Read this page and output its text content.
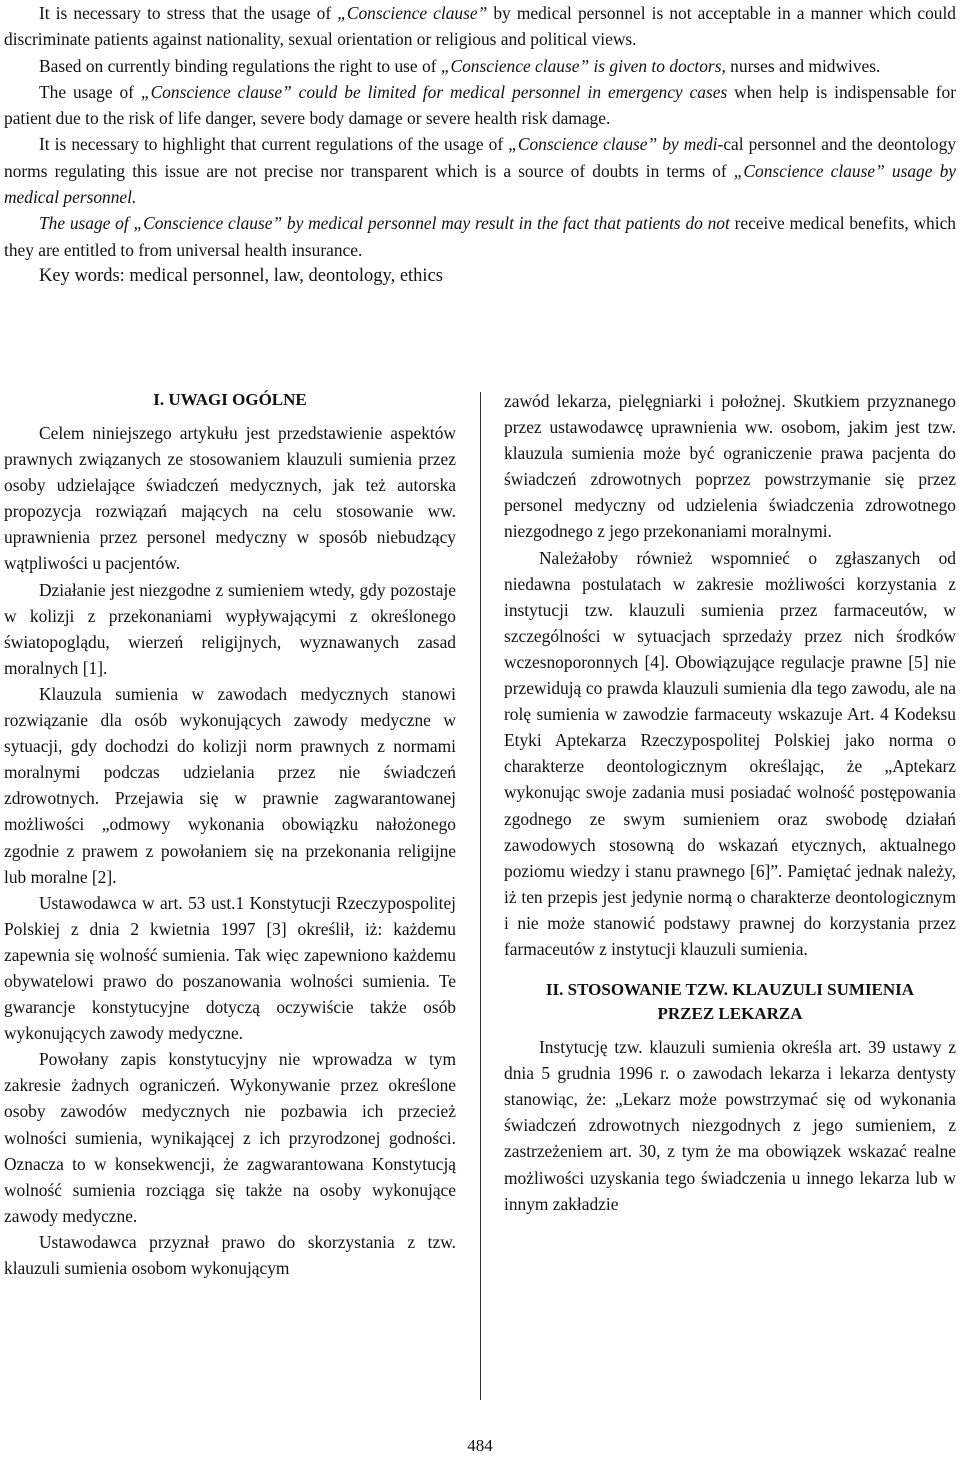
It is necessary to stress that the usage of „Conscience clause” by medical personnel is not acceptable in a manner which could discriminate patients against nationality, sexual orientation or religious and political views.

Based on currently binding regulations the right to use of „Conscience clause” is given to doctors, nurses and midwives.

The usage of „Conscience clause” could be limited for medical personnel in emergency cases when help is indispensable for patient due to the risk of life danger, severe body damage or severe health risk damage.

It is necessary to highlight that current regulations of the usage of „Conscience clause” by medi-cal personnel and the deontology norms regulating this issue are not precise nor transparent which is a source of doubts in terms of „Conscience clause” usage by medical personnel.

The usage of „Conscience clause” by medical personnel may result in the fact that patients do not receive medical benefits, which they are entitled to from universal health insurance.

Key words: medical personnel, law, deontology, ethics

I. UWAGI OGÓLNE

Celem niniejszego artykułu jest przedstawienie aspektów prawnych związanych ze stosowaniem klauzuli sumienia przez osoby udzielające świadczeń medycznych, jak też autorska propozycja rozwiązań mających na celu stosowanie ww. uprawnienia przez personel medyczny w sposób niebudzący wątpliwości u pacjentów.

Działanie jest niezgodne z sumieniem wtedy, gdy pozostaje w kolizji z przekonaniami wypływającymi z określonego światopoglądu, wierzeń religijnych, wyznawanych zasad moralnych [1].

Klauzula sumienia w zawodach medycznych stanowi rozwiązanie dla osób wykonujących zawody medyczne w sytuacji, gdy dochodzi do kolizji norm prawnych z normami moralnymi podczas udzielania przez nie świadczeń zdrowotnych. Przejawia się w prawnie zagwarantowanej możliwości „odmowy wykonania obowiązku nałożonego zgodnie z prawem z powołaniem się na przekonania religijne lub moralne [2].

Ustawodawca w art. 53 ust.1 Konstytucji Rzeczypospolitej Polskiej z dnia 2 kwietnia 1997 [3] określił, iż: każdemu zapewnia się wolność sumienia. Tak więc zapewniono każdemu obywatelowi prawo do poszanowania wolności sumienia. Te gwarancje konstytucyjne dotyczą oczywiście także osób wykonujących zawody medyczne.

Powołany zapis konstytucyjny nie wprowadza w tym zakresie żadnych ograniczeń. Wykonywanie przez określone osoby zawodów medycznych nie pozbawia ich przecież wolności sumienia, wynikającej z ich przyrodzonej godności. Oznacza to w konsekwencji, że zagwarantowana Konstytucją wolność sumienia rozciąga się także na osoby wykonujące zawody medyczne.

Ustawodawca przyznał prawo do skorzystania z tzw. klauzuli sumienia osobom wykonującym

zawód lekarza, pielęgniarki i położnej. Skutkiem przyznanego przez ustawodawcę uprawnienia ww. osobom, jakim jest tzw. klauzula sumienia może być ograniczenie prawa pacjenta do świadczeń zdrowotnych poprzez powstrzymanie się przez personel medyczny od udzielenia świadczenia zdrowotnego niezgodnego z jego przekonaniami moralnymi.

Należałoby również wspomnieć o zgłaszanych od niedawna postulatach w zakresie możliwości korzystania z instytucji tzw. klauzuli sumienia przez farmaceutów, w szczególności w sytuacjach sprzedaży przez nich środków wczesnoporonnych [4]. Obowiązujące regulacje prawne [5] nie przewidują co prawda klauzuli sumienia dla tego zawodu, ale na rolę sumienia w zawodzie farmaceuty wskazuje Art. 4 Kodeksu Etyki Aptekarza Rzeczypospolitej Polskiej jako norma o charakterze deontologicznym określając, że „Aptekarz wykonując swoje zadania musi posiadać wolność postępowania zgodnego ze swym sumieniem oraz swobodę działań zawodowych stosowną do wskazań etycznych, aktualnego poziomu wiedzy i stanu prawnego [6]”. Pamiętać jednak należy, iż ten przepis jest jedynie normą o charakterze deontologicznym i nie może stanowić podstawy prawnej do korzystania przez farmaceutów z instytucji klauzuli sumienia.

II. STOSOWANIE TZW. KLAUZULI SUMIENIA
PRZEZ LEKARZA

Instytucję tzw. klauzuli sumienia określa art. 39 ustawy z dnia 5 grudnia 1996 r. o zawodach lekarza i lekarza dentysty stanowiąc, że: „Lekarz może powstrzymać się od wykonania świadczeń zdrowotnych niezgodnych z jego sumieniem, z zastrzeżeniem art. 30, z tym że ma obowiązek wskazać realne możliwości uzyskania tego świadczenia u innego lekarza lub w innym zakładzie

484
